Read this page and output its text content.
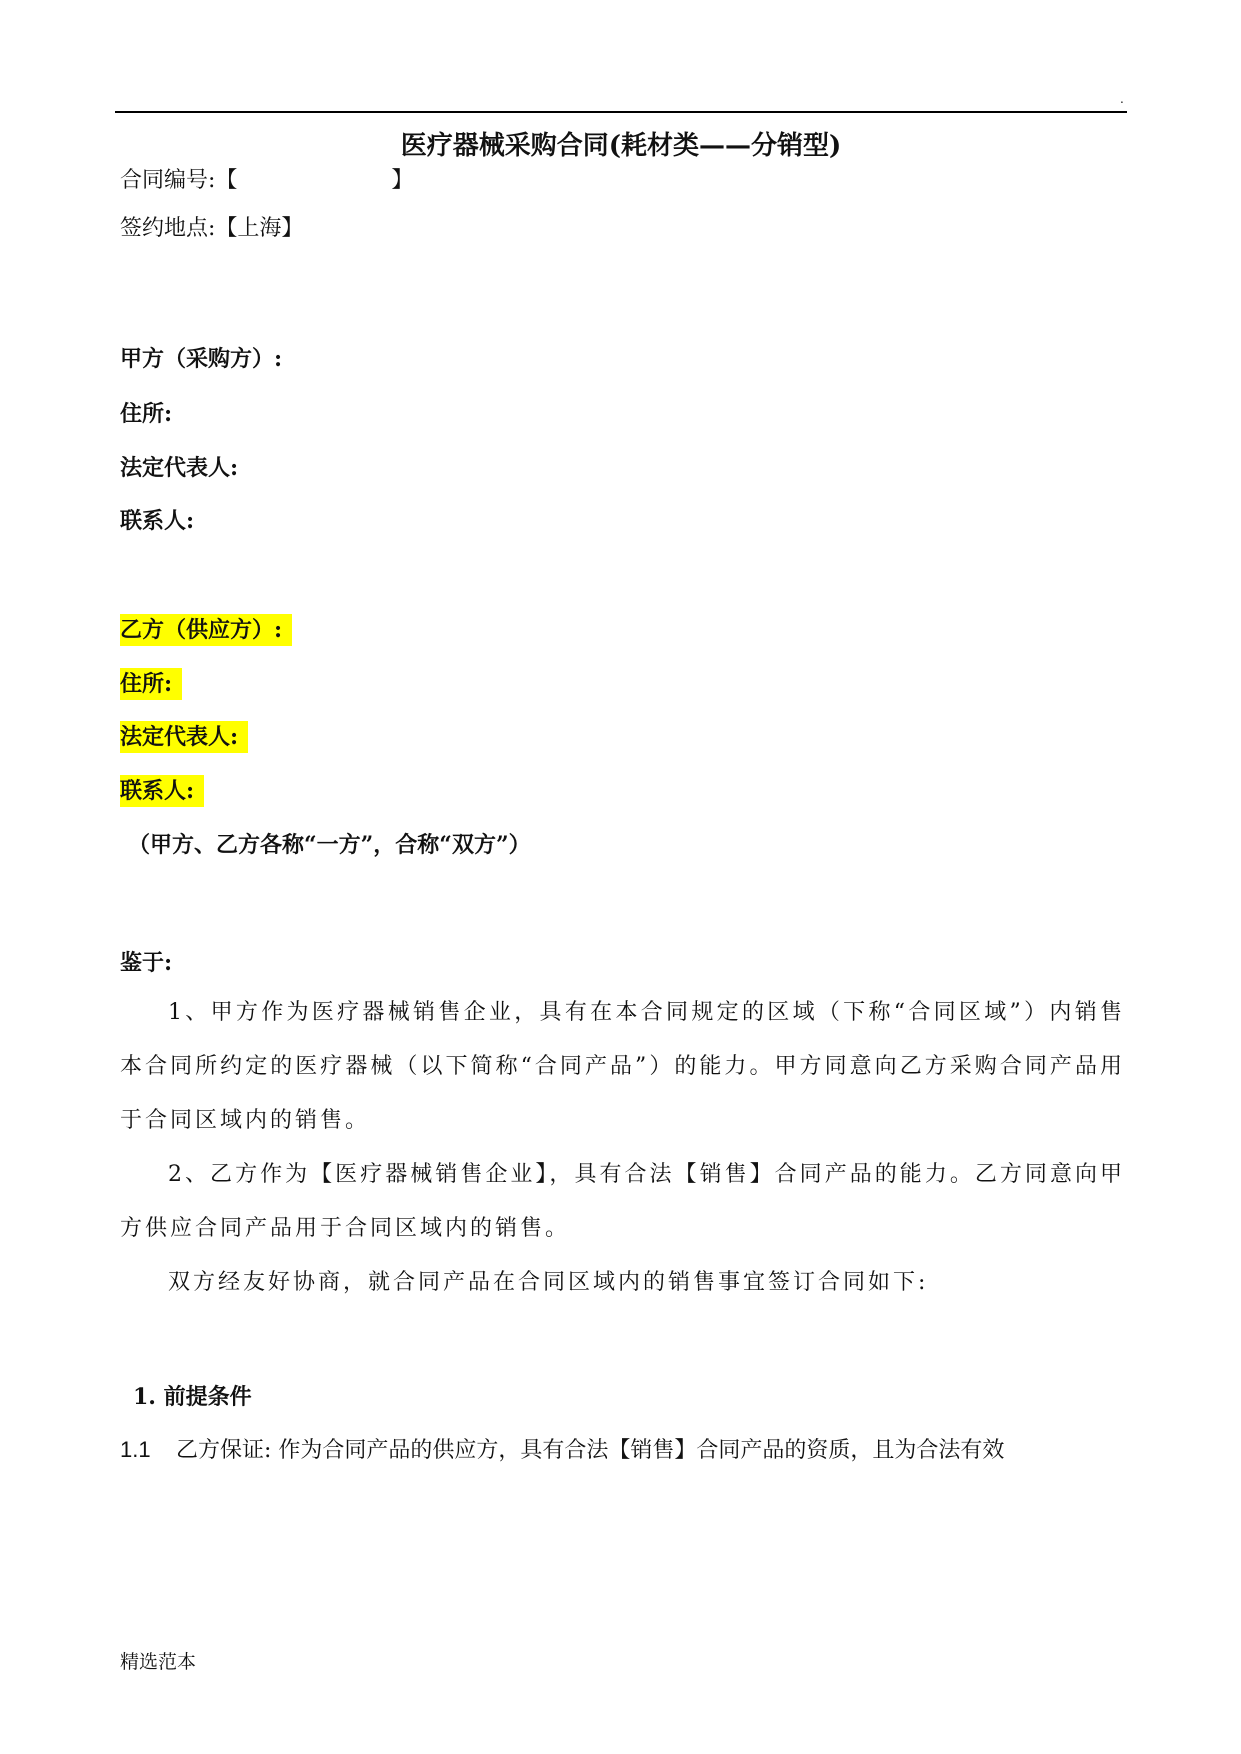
.
医疗器械采购合同(耗材类——分销型)
合同编号:【　　　　　　　】
签约地点:【上海】
甲方（采购方）:
住所:
法定代表人:
联系人:
乙方（供应方）:
住所:
法定代表人:
联系人:
（甲方、乙方各称“一方”，合称“双方”）
鉴于:
1、甲方作为医疗器械销售企业，具有在本合同规定的区域（下称“合同区域”）内销售本合同所约定的医疗器械（以下简称“合同产品”）的能力。甲方同意向乙方采购合同产品用于合同区域内的销售。
2、乙方作为【医疗器械销售企业】，具有合法【销售】合同产品的能力。乙方同意向甲方供应合同产品用于合同区域内的销售。
双方经友好协商，就合同产品在合同区域内的销售事宜签订合同如下:
1. 前提条件
1.1 乙方保证: 作为合同产品的供应方，具有合法【销售】合同产品的资质，且为合法有效
精选范本
